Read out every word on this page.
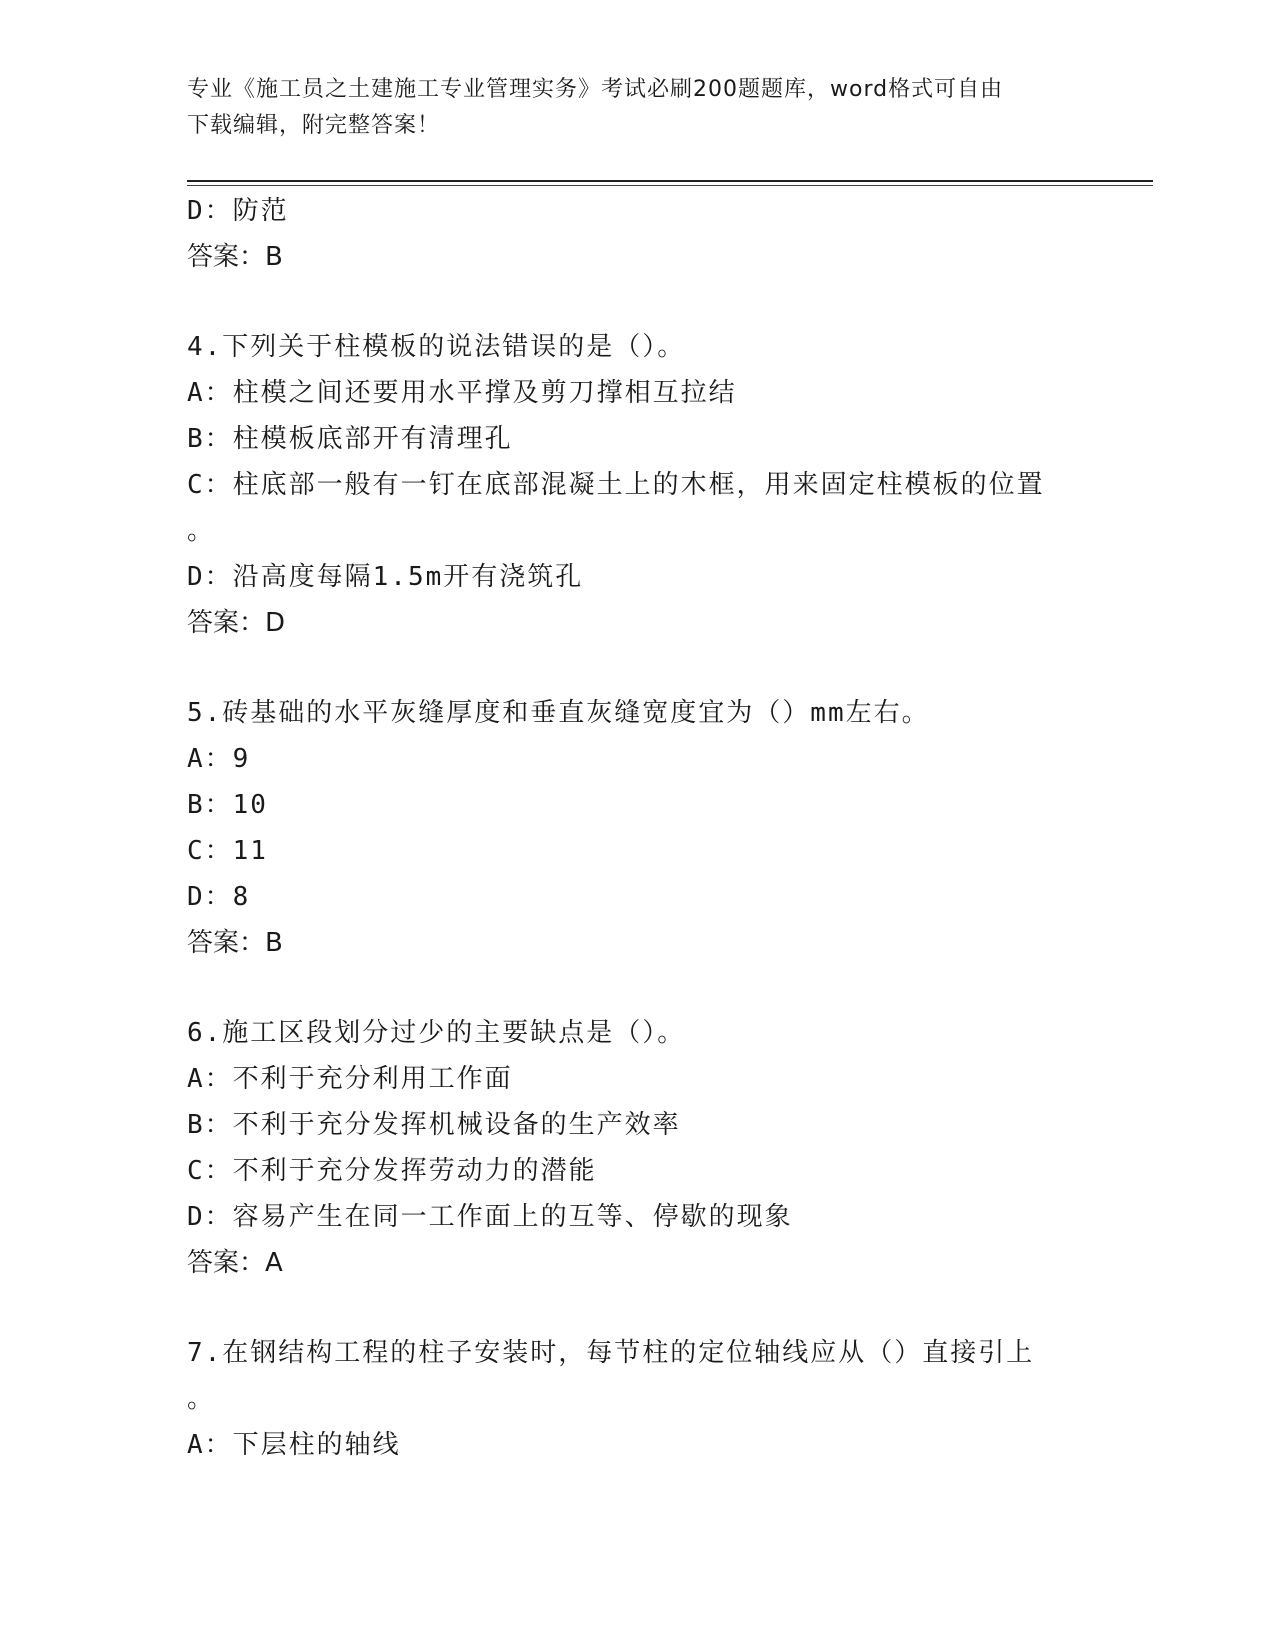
专业《施工员之土建施工专业管理实务》考试必刷200题题库，word格式可自由
下载编辑，附完整答案！
D：防范
答案：B
4.下列关于柱模板的说法错误的是（）。
A：柱模之间还要用水平撑及剪刀撑相互拉结
B：柱模板底部开有清理孔
C：柱底部一般有一钉在底部混凝土上的木框，用来固定柱模板的位置
。
D：沿高度每隔1.5m开有浇筑孔
答案：D
5.砖基础的水平灰缝厚度和垂直灰缝宽度宜为（）mm左右。
A：9
B：10
C：11
D：8
答案：B
6.施工区段划分过少的主要缺点是（）。
A：不利于充分利用工作面
B：不利于充分发挥机械设备的生产效率
C：不利于充分发挥劳动力的潜能
D：容易产生在同一工作面上的互等、停歇的现象
答案：A
7.在钢结构工程的柱子安装时，每节柱的定位轴线应从（）直接引上
。
A：下层柱的轴线
